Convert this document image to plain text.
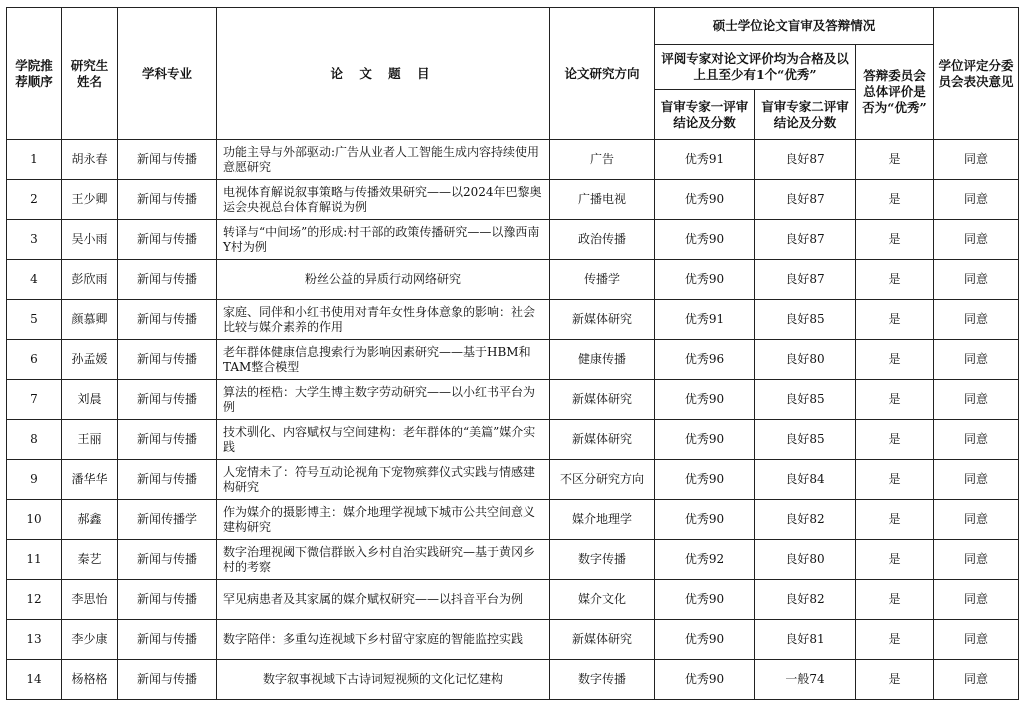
学院推荐顺序	研究生姓名	学科专业	论 文 题 目	论文研究方向	硕士学位论文盲审及答辩情况			学位评定分委员会表决意见
					评阅专家对论文评价均为合格及以上且至少有1个“优秀”		答辩委员会总体评价是否为“优秀”	
					盲审专家一评审结论及分数	盲审专家二评审结论及分数		
1	胡永春	新闻与传播	功能主导与外部驱动:广告从业者人工智能生成内容持续使用意愿研究	广告	优秀91	良好87	是	同意
2	王少卿	新闻与传播	电视体育解说叙事策略与传播效果研究——以2024年巴黎奥运会央视总台体育解说为例	广播电视	优秀90	良好87	是	同意
3	吴小雨	新闻与传播	转译与“中间场”的形成:村干部的政策传播研究——以豫西南Y村为例	政治传播	优秀90	良好87	是	同意
4	彭欣雨	新闻与传播	粉丝公益的异质行动网络研究	传播学	优秀90	良好87	是	同意
5	颜慕卿	新闻与传播	家庭、同伴和小红书使用对青年女性身体意象的影响：社会比较与媒介素养的作用	新媒体研究	优秀91	良好85	是	同意
6	孙孟媛	新闻与传播	老年群体健康信息搜索行为影响因素研究——基于HBM和TAM整合模型	健康传播	优秀96	良好80	是	同意
7	刘晨	新闻与传播	算法的桎梏：大学生博主数字劳动研究——以小红书平台为例	新媒体研究	优秀90	良好85	是	同意
8	王丽	新闻与传播	技术驯化、内容赋权与空间建构：老年群体的“美篇”媒介实践	新媒体研究	优秀90	良好85	是	同意
9	潘华华	新闻与传播	人宠情未了：符号互动论视角下宠物殡葬仪式实践与情感建构研究	不区分研究方向	优秀90	良好84	是	同意
10	郝鑫	新闻传播学	作为媒介的摄影博主：媒介地理学视域下城市公共空间意义建构研究	媒介地理学	优秀90	良好82	是	同意
11	秦艺	新闻与传播	数字治理视阈下微信群嵌入乡村自治实践研究—基于黄冈乡村的考察	数字传播	优秀92	良好80	是	同意
12	李思怡	新闻与传播	罕见病患者及其家属的媒介赋权研究——以抖音平台为例	媒介文化	优秀90	良好82	是	同意
13	李少康	新闻与传播	数字陪伴：多重勾连视域下乡村留守家庭的智能监控实践	新媒体研究	优秀90	良好81	是	同意
14	杨格格	新闻与传播	数字叙事视域下古诗词短视频的文化记忆建构	数字传播	优秀90	一般74	是	同意
